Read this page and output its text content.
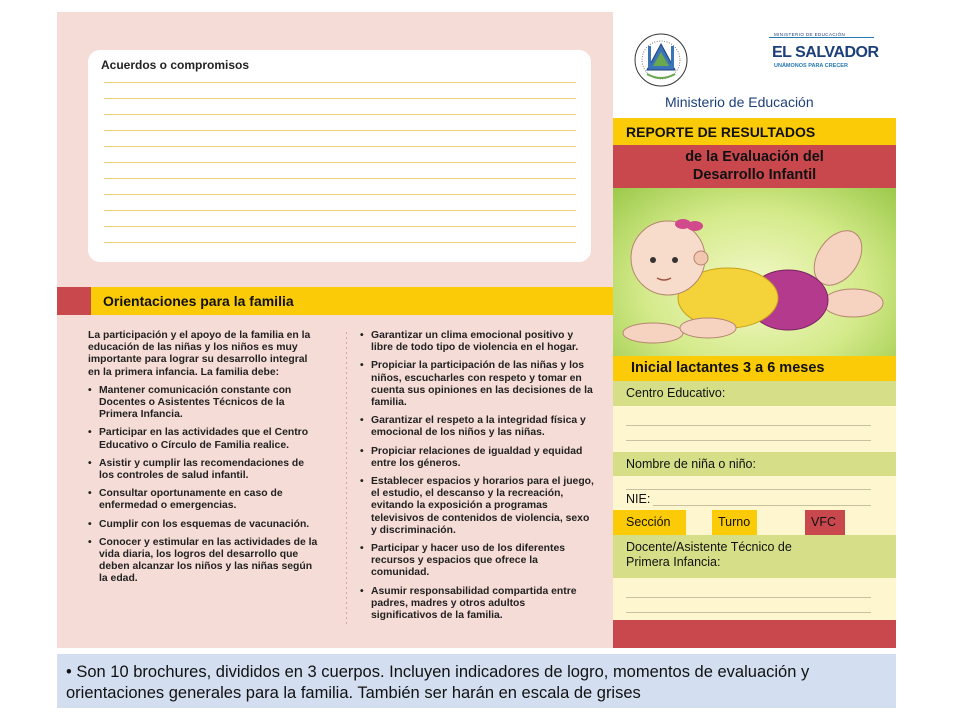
Acuerdos o compromisos
Orientaciones para la familia
La participación y el apoyo de la familia en la educación de las niñas y los niños es muy importante para lograr su desarrollo integral en la primera infancia. La familia debe:
• Mantener comunicación constante con Docentes o Asistentes Técnicos de la Primera Infancia.
• Participar en las actividades que el Centro Educativo o Círculo de Familia realice.
• Asistir y cumplir las recomendaciones de los controles de salud infantil.
• Consultar oportunamente en caso de enfermedad o emergencias.
• Cumplir con los esquemas de vacunación.
• Conocer y estimular en las actividades de la vida diaria, los logros del desarrollo que deben alcanzar los niños y las niñas según la edad.
• Garantizar un clima emocional positivo y libre de todo tipo de violencia en el hogar.
• Propiciar la participación de las niñas y los niños, escucharles con respeto y tomar en cuenta sus opiniones en las decisiones de la familia.
• Garantizar el respeto a la integridad física y emocional de los niños y las niñas.
• Propiciar relaciones de igualdad y equidad entre los géneros.
• Establecer espacios y horarios para el juego, el estudio, el descanso y la recreación, evitando la exposición a programas televisivos de contenidos de violencia, sexo y discriminación.
• Participar y hacer uso de los diferentes recursos y espacios que ofrece la comunidad.
• Asumir responsabilidad compartida entre padres, madres y otros adultos significativos de la familia.
MINISTERIO DE EDUCACIÓN
EL SALVADOR
UNÁMONOS PARA CRECER
Ministerio de Educación
REPORTE DE RESULTADOS
de la Evaluación del
Desarrollo Infantil
Inicial lactantes 3 a 6 meses
Centro Educativo:
Nombre de niña o niño:
NIE:
Sección	Turno	VFC
Docente/Asistente Técnico de
Primera Infancia:
• Son 10 brochures, divididos en 3 cuerpos. Incluyen indicadores de logro, momentos de evaluación y orientaciones generales para la familia. También ser harán en escala de grises
